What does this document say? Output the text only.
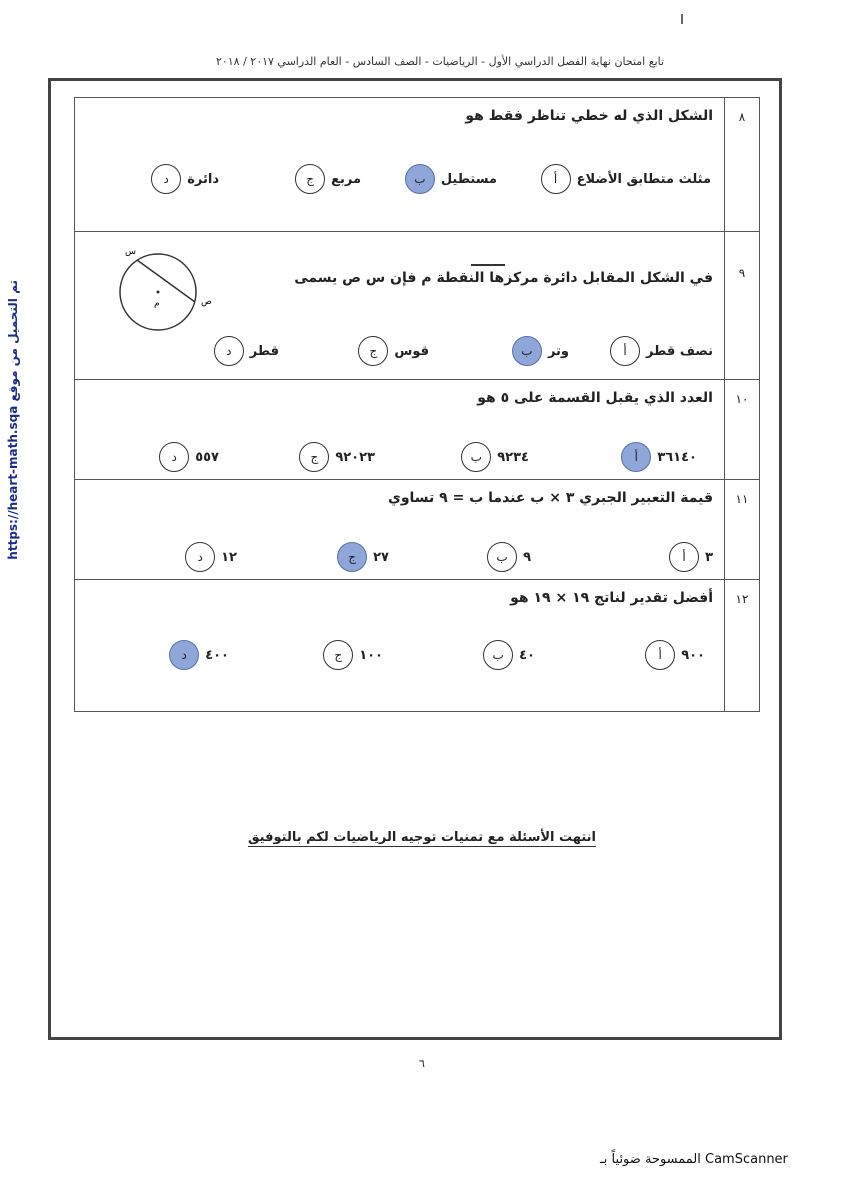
تابع امتحان نهاية الفصل الدراسي الأول - الرياضيات - الصف السادس - العام الدراسي ٢٠١٧ / ٢٠١٨
تم التحميل من موقع https://heart-math.sqa
٨
الشكل الذي له خطي تناظر فقط هو
أ	مثلث متطابق الأضلاع
ب	مستطيل
ج	مربع
د	دائرة
٩
في الشكل المقابل دائرة مركزها النقطة م فإن س ص يسمى
س
ص
م
أ	نصف قطر
ب	وتر
ج	قوس
د	قطر
١٠
العدد الذي يقبل القسمة على ٥ هو
أ	٣٦١٤٠
ب	٩٢٣٤
ج	٩٢٠٢٣
د	٥٥٧
١١
قيمة التعبير الجبري ٣ × ب عندما ب = ٩ تساوي
أ	٣
ب	٩
ج	٢٧
د	١٢
١٢
أفضل تقدير لناتج ١٩ × ١٩ هو
أ	٩٠٠
ب	٤٠
ج	١٠٠
د	٤٠٠
انتهت الأسئلة مع تمنيات توجيه الرياضيات لكم بالتوفيق
٦
الممسوحة ضوئياً بـ CamScanner
